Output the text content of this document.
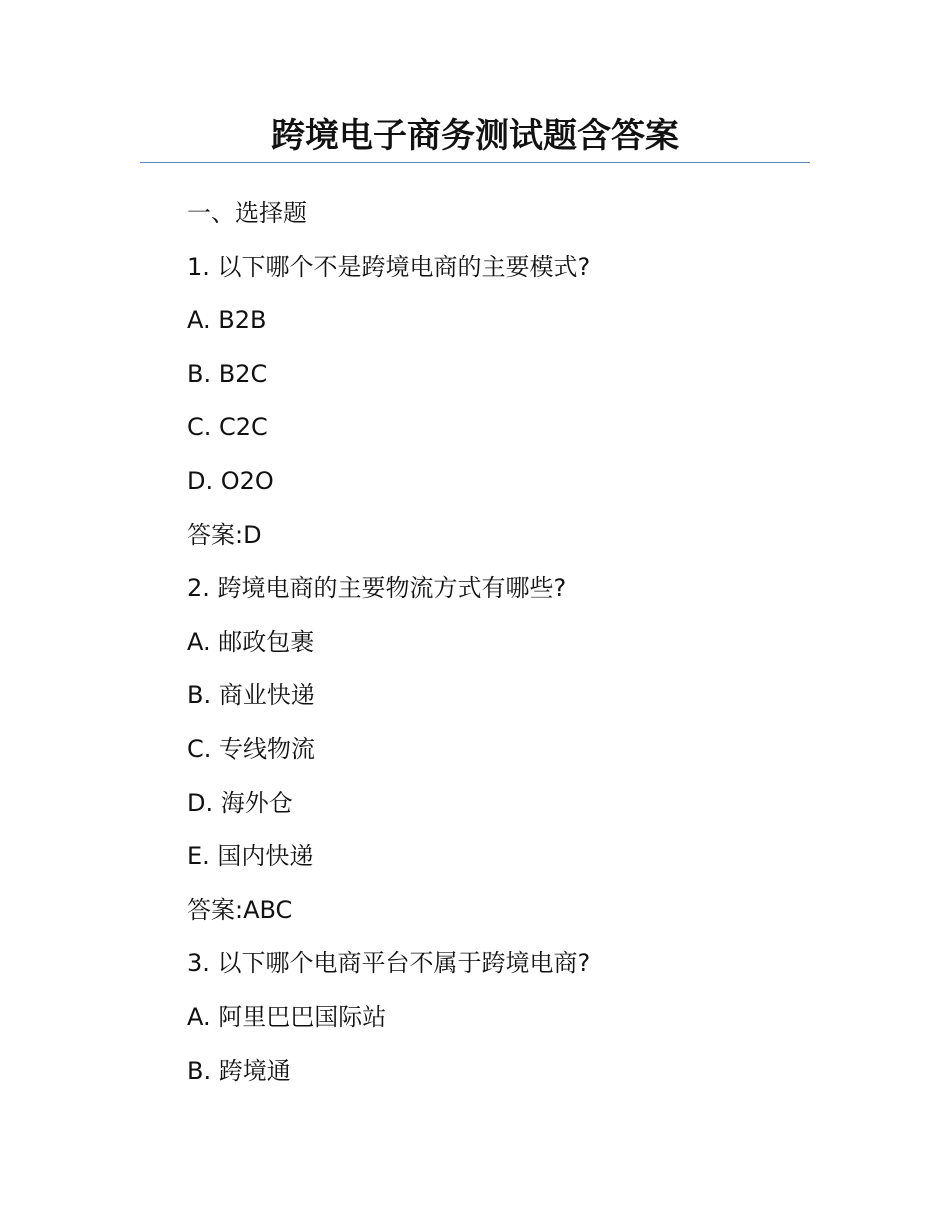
跨境电子商务测试题含答案
一、选择题
1. 以下哪个不是跨境电商的主要模式?
A. B2B
B. B2C
C. C2C
D. O2O
答案:D
2. 跨境电商的主要物流方式有哪些?
A. 邮政包裹
B. 商业快递
C. 专线物流
D. 海外仓
E. 国内快递
答案:ABC
3. 以下哪个电商平台不属于跨境电商?
A. 阿里巴巴国际站
B. 跨境通
